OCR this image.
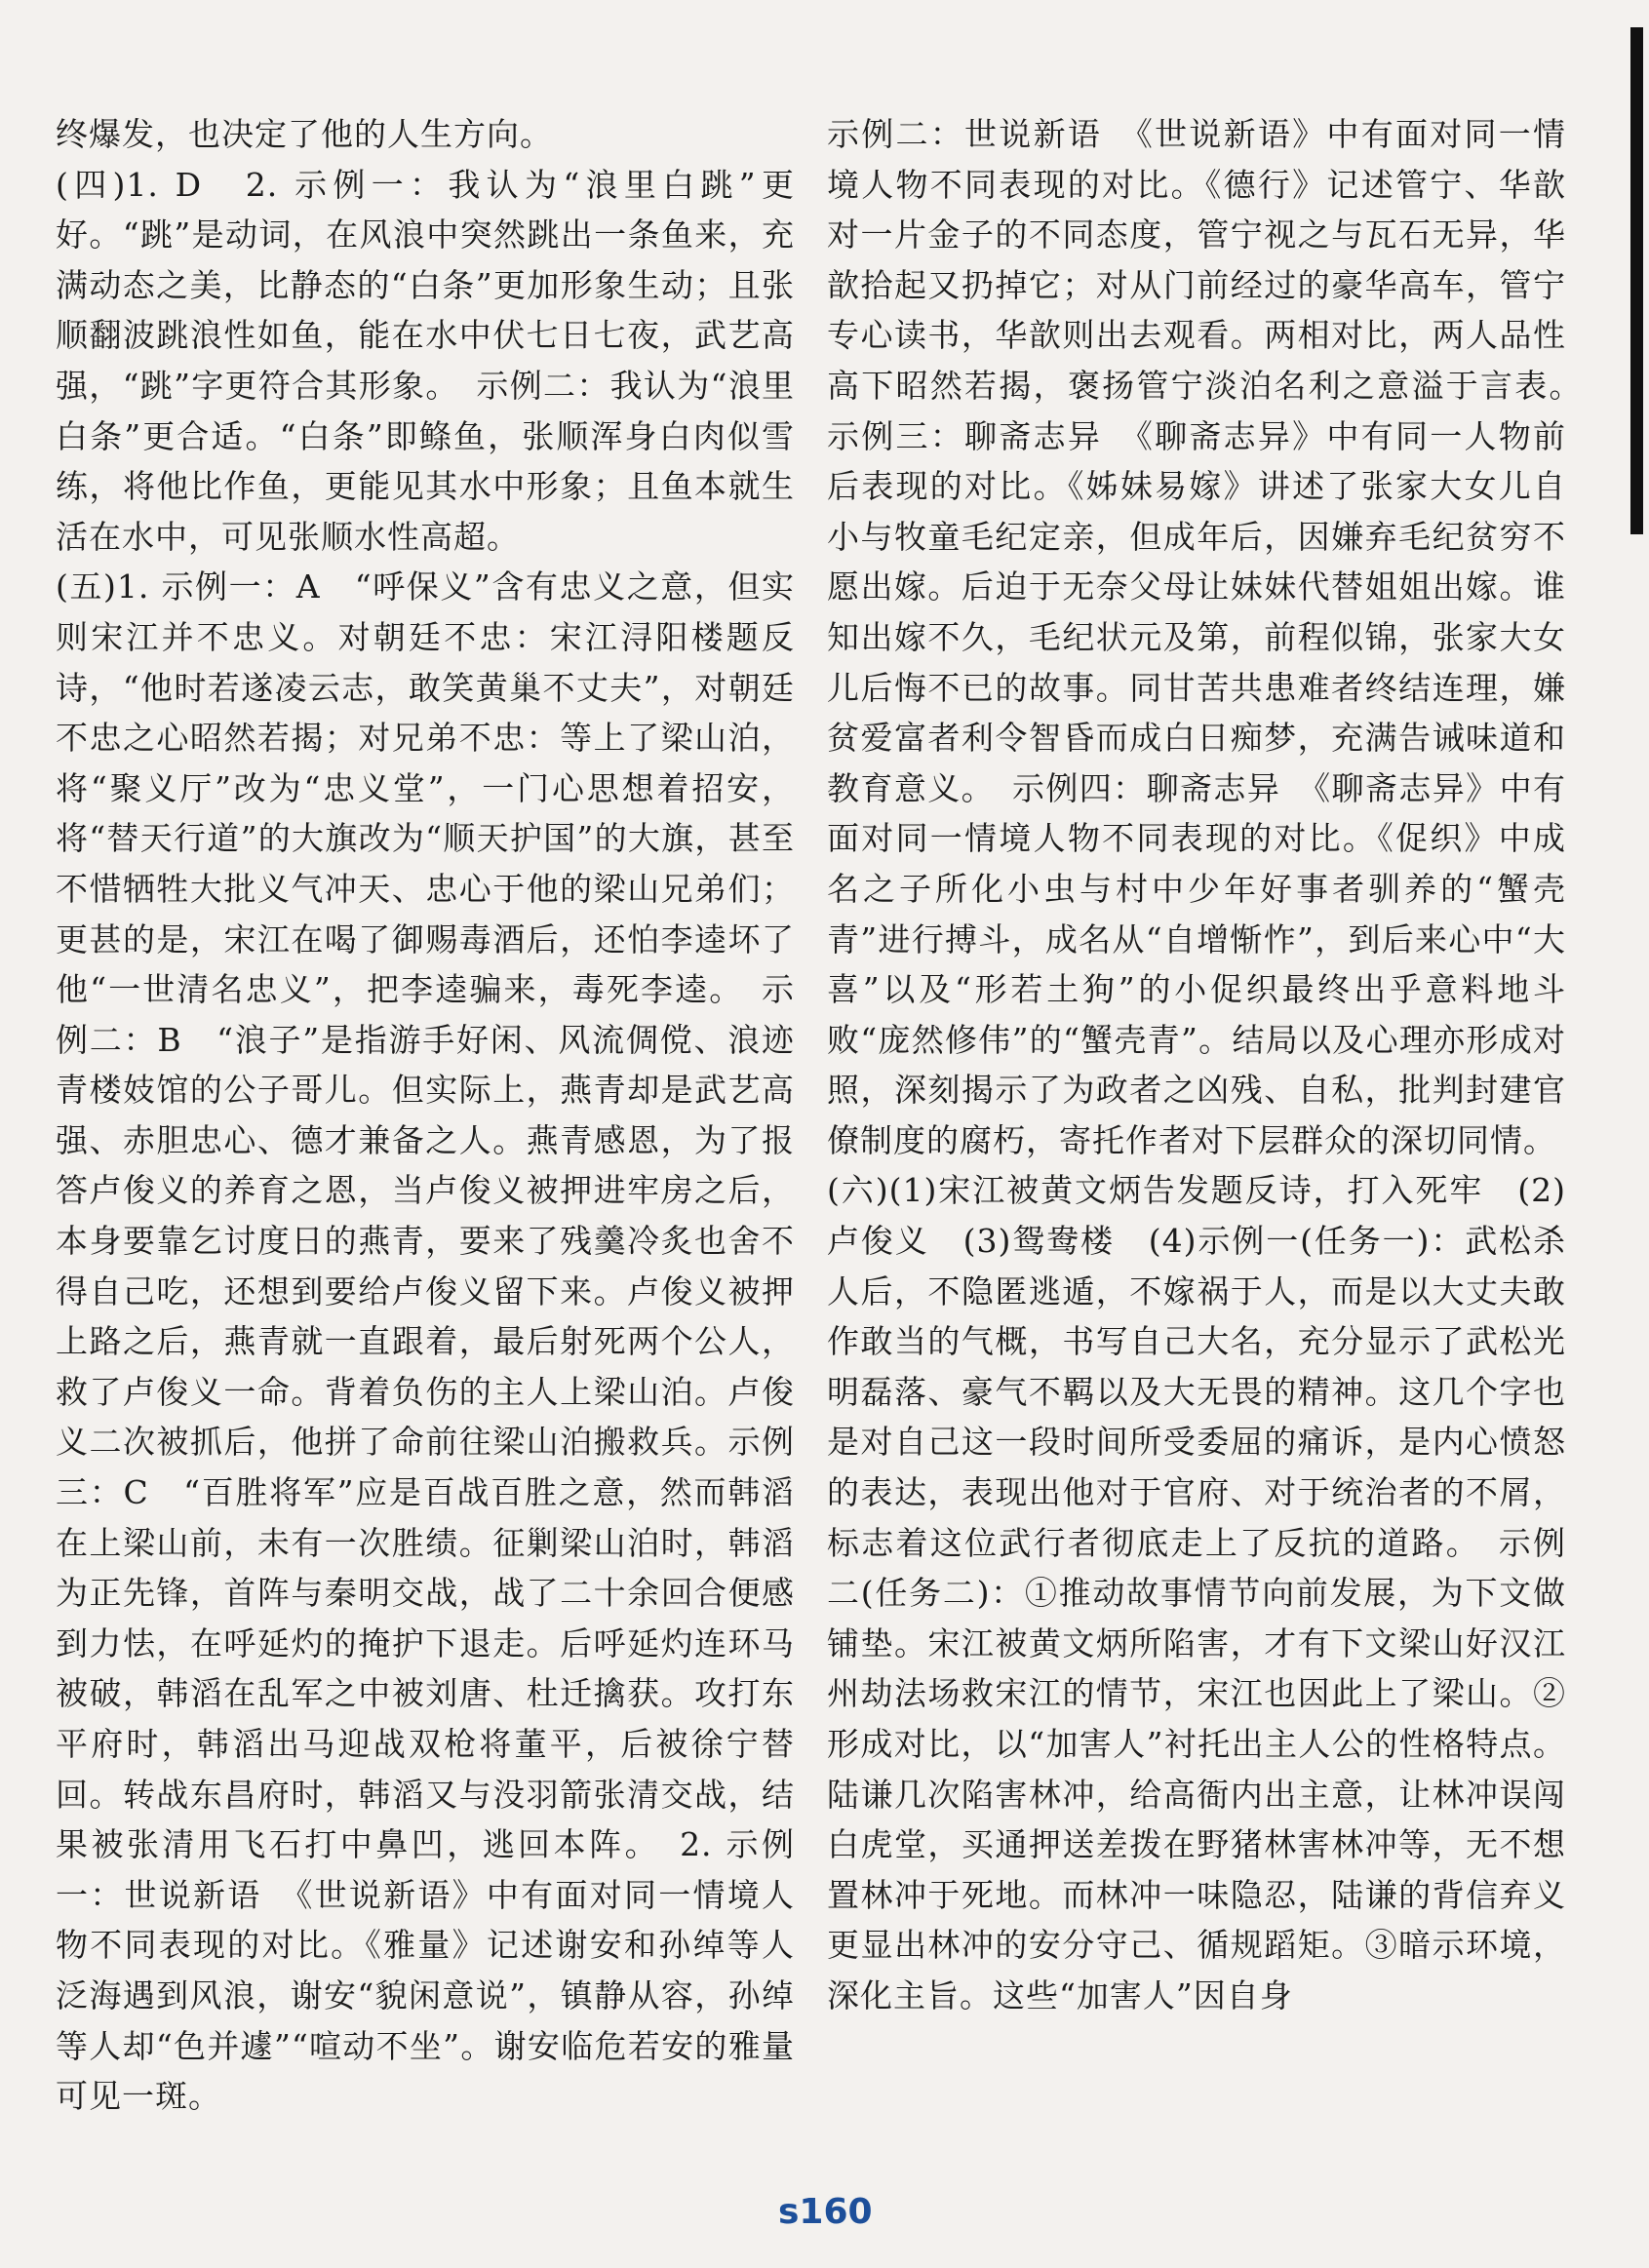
终爆发，也决定了他的人生方向。

(四)1. D　2. 示例一：我认为“浪里白跳”更好。“跳”是动词，在风浪中突然跳出一条鱼来，充满动态之美，比静态的“白条”更加形象生动；且张顺翻波跳浪性如鱼，能在水中伏七日七夜，武艺高强，“跳”字更符合其形象。　示例二：我认为“浪里白条”更合适。“白条”即鲦鱼，张顺浑身白肉似雪练，将他比作鱼，更能见其水中形象；且鱼本就生活在水中，可见张顺水性高超。

(五)1. 示例一：A　“呼保义”含有忠义之意，但实则宋江并不忠义。对朝廷不忠：宋江浔阳楼题反诗，“他时若遂凌云志，敢笑黄巢不丈夫”，对朝廷不忠之心昭然若揭；对兄弟不忠：等上了梁山泊，将“聚义厅”改为“忠义堂”，一门心思想着招安，将“替天行道”的大旗改为“顺天护国”的大旗，甚至不惜牺牲大批义气冲天、忠心于他的梁山兄弟们；更甚的是，宋江在喝了御赐毒酒后，还怕李逵坏了他“一世清名忠义”，把李逵骗来，毒死李逵。　示例二：B　“浪子”是指游手好闲、风流倜傥、浪迹青楼妓馆的公子哥儿。但实际上，燕青却是武艺高强、赤胆忠心、德才兼备之人。燕青感恩，为了报答卢俊义的养育之恩，当卢俊义被押进牢房之后，本身要靠乞讨度日的燕青，要来了残羹冷炙也舍不得自己吃，还想到要给卢俊义留下来。卢俊义被押上路之后，燕青就一直跟着，最后射死两个公人，救了卢俊义一命。背着负伤的主人上梁山泊。卢俊义二次被抓后，他拼了命前往梁山泊搬救兵。示例三：C　“百胜将军”应是百战百胜之意，然而韩滔在上梁山前，未有一次胜绩。征剿梁山泊时，韩滔为正先锋，首阵与秦明交战，战了二十余回合便感到力怯，在呼延灼的掩护下退走。后呼延灼连环马被破，韩滔在乱军之中被刘唐、杜迁擒获。攻打东平府时，韩滔出马迎战双枪将董平，后被徐宁替回。转战东昌府时，韩滔又与没羽箭张清交战，结果被张清用飞石打中鼻凹，逃回本阵。　2. 示例一：世说新语　《世说新语》中有面对同一情境人物不同表现的对比。《雅量》记述谢安和孙绰等人泛海遇到风浪，谢安“貌闲意说”，镇静从容，孙绰等人却“色并遽”“喧动不坐”。谢安临危若安的雅量可见一斑。

示例二：世说新语　《世说新语》中有面对同一情境人物不同表现的对比。《德行》记述管宁、华歆对一片金子的不同态度，管宁视之与瓦石无异，华歆拾起又扔掉它；对从门前经过的豪华高车，管宁专心读书，华歆则出去观看。两相对比，两人品性高下昭然若揭，褒扬管宁淡泊名利之意溢于言表。　示例三：聊斋志异　《聊斋志异》中有同一人物前后表现的对比。《姊妹易嫁》讲述了张家大女儿自小与牧童毛纪定亲，但成年后，因嫌弃毛纪贫穷不愿出嫁。后迫于无奈父母让妹妹代替姐姐出嫁。谁知出嫁不久，毛纪状元及第，前程似锦，张家大女儿后悔不已的故事。同甘苦共患难者终结连理，嫌贫爱富者利令智昏而成白日痴梦，充满告诫味道和教育意义。　示例四：聊斋志异　《聊斋志异》中有面对同一情境人物不同表现的对比。《促织》中成名之子所化小虫与村中少年好事者驯养的“蟹壳青”进行搏斗，成名从“自增惭怍”，到后来心中“大喜”以及“形若土狗”的小促织最终出乎意料地斗败“庞然修伟”的“蟹壳青”。结局以及心理亦形成对照，深刻揭示了为政者之凶残、自私，批判封建官僚制度的腐朽，寄托作者对下层群众的深切同情。

(六)(1)宋江被黄文炳告发题反诗，打入死牢　(2)卢俊义　(3)鸳鸯楼　(4)示例一(任务一)：武松杀人后，不隐匿逃遁，不嫁祸于人，而是以大丈夫敢作敢当的气概，书写自己大名，充分显示了武松光明磊落、豪气不羁以及大无畏的精神。这几个字也是对自己这一段时间所受委屈的痛诉，是内心愤怒的表达，表现出他对于官府、对于统治者的不屑，标志着这位武行者彻底走上了反抗的道路。　示例二(任务二)：①推动故事情节向前发展，为下文做铺垫。宋江被黄文炳所陷害，才有下文梁山好汉江州劫法场救宋江的情节，宋江也因此上了梁山。②形成对比，以“加害人”衬托出主人公的性格特点。陆谦几次陷害林冲，给高衙内出主意，让林冲误闯白虎堂，买通押送差拨在野猪林害林冲等，无不想置林冲于死地。而林冲一味隐忍，陆谦的背信弃义更显出林冲的安分守己、循规蹈矩。③暗示环境，深化主旨。这些“加害人”因自身

s160
